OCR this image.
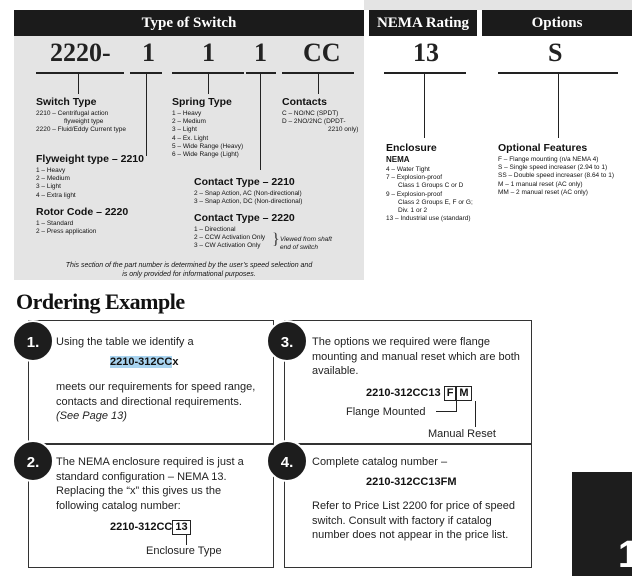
Type of Switch	NEMA Rating	Options
2220- 1 1 1 CC	13	S
Switch Type
2210 – Centrifugal action
flyweight type
2220 – Fluid/Eddy Current type
Flyweight type – 2210
1 – Heavy
2 – Medium
3 – Light
4 – Extra light
Rotor Code – 2220
1 – Standard
2 – Press application
Spring Type
1 – Heavy
2 – Medium
3 – Light
4 – Ex. Light
5 – Wide Range (Heavy)
6 – Wide Range (Light)
Contacts
C – NO/NC (SPDT)
D – 2NO/2NC (DPDT-
2210 only)
Contact Type – 2210
2 – Snap Action, AC (Non-directional)
3 – Snap Action, DC (Non-directional)
Contact Type – 2220
1 – Directional
2 – CCW Activation Only
3 – CW Activation Only } Viewed from shaft
end of switch
This section of the part number is determined by the user’s speed selection and
is only provided for informational purposes.
Enclosure
NEMA
4 – Water Tight
7 – Explosion-proof
Class 1 Groups C or D
9 – Explosion-proof
Class 2 Groups E, F or G;
Div. 1 or 2
13 – Industrial use (standard)
Optional Features
F – Flange mounting (n/a NEMA 4)
S – Single speed increaser (2.94 to 1)
SS – Double speed increaser (8.64 to 1)
M – 1 manual reset (AC only)
MM – 2 manual reset (AC only)
Ordering Example
1.
2.
3.
4.
Using the table we identify a
2210-312CCx
meets our requirements for speed range, contacts and directional requirements.
(See Page 13)
The NEMA enclosure required is just a standard configuration – NEMA 13. Replacing the “x” this gives us the following catalog number:
2210-312CC 13
Enclosure Type
The options we required were flange mounting and manual reset which are both available.
2210-312CC13 F M
Flange Mounted
Manual Reset
Complete catalog number –
2210-312CC13FM
Refer to Price List 2200 for price of speed switch. Consult with factory if catalog number does not appear in the price list.	1
